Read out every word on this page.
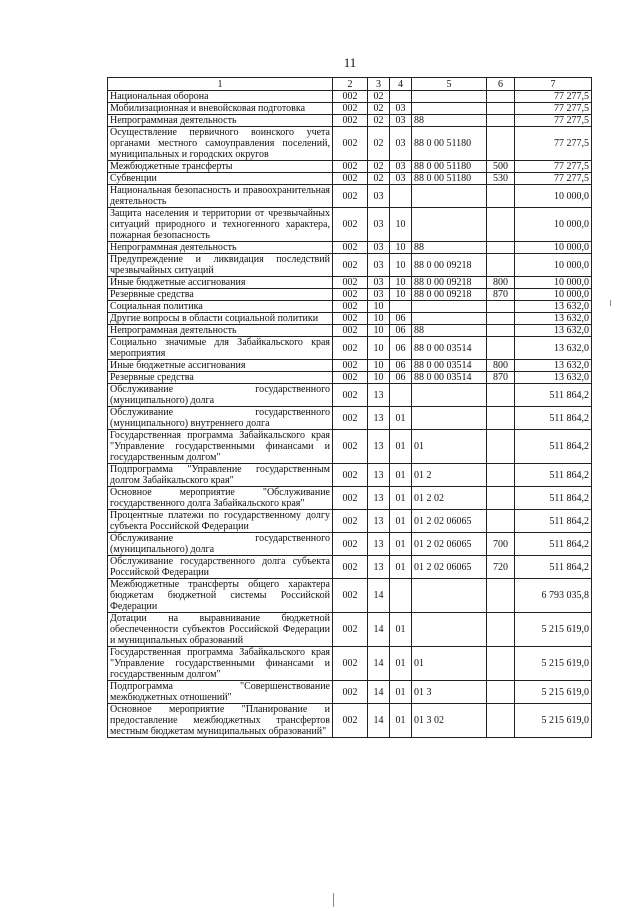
11
1	2	3	4	5	6	7
Национальная оборона	002	02				77 277,5
Мобилизационная и вневойсковая подготовка	002	02	03			77 277,5
Непрограммная деятельность	002	02	03	88		77 277,5
Осуществление первичного воинского учета органами местного самоуправления поселений, муниципальных и городских округов	002	02	03	88 0 00 51180		77 277,5
Межбюджетные трансферты	002	02	03	88 0 00 51180	500	77 277,5
Субвенции	002	02	03	88 0 00 51180	530	77 277,5
Национальная безопасность и правоохранительная деятельность	002	03				10 000,0
Защита населения и территории от чрезвычайных ситуаций природного и техногенного характера, пожарная безопасность	002	03	10			10 000,0
Непрограммная деятельность	002	03	10	88		10 000,0
Предупреждение и ликвидация последствий чрезвычайных ситуаций	002	03	10	88 0 00 09218		10 000,0
Иные бюджетные ассигнования	002	03	10	88 0 00 09218	800	10 000,0
Резервные средства	002	03	10	88 0 00 09218	870	10 000,0
Социальная политика	002	10				13 632,0
Другие вопросы в области социальной политики	002	10	06			13 632,0
Непрограммная деятельность	002	10	06	88		13 632,0
Социально значимые для Забайкальского края мероприятия	002	10	06	88 0 00 03514		13 632,0
Иные бюджетные ассигнования	002	10	06	88 0 00 03514	800	13 632,0
Резервные средства	002	10	06	88 0 00 03514	870	13 632,0
Обслуживание государственного (муниципального) долга	002	13				511 864,2
Обслуживание государственного (муниципального) внутреннего долга	002	13	01			511 864,2
Государственная программа Забайкальского края "Управление государственными финансами и государственным долгом"	002	13	01	01		511 864,2
Подпрограмма "Управление государственным долгом Забайкальского края"	002	13	01	01 2		511 864,2
Основное мероприятие "Обслуживание государственного долга Забайкальского края"	002	13	01	01 2 02		511 864,2
Процентные платежи по государственному долгу субъекта Российской Федерации	002	13	01	01 2 02 06065		511 864,2
Обслуживание государственного (муниципального) долга	002	13	01	01 2 02 06065	700	511 864,2
Обслуживание государственного долга субъекта Российской Федерации	002	13	01	01 2 02 06065	720	511 864,2
Межбюджетные трансферты общего характера бюджетам бюджетной системы Российской Федерации	002	14				6 793 035,8
Дотации на выравнивание бюджетной обеспеченности субъектов Российской Федерации и муниципальных образований	002	14	01			5 215 619,0
Государственная программа Забайкальского края "Управление государственными финансами и государственным долгом"	002	14	01	01		5 215 619,0
Подпрограмма "Совершенствование межбюджетных отношений"	002	14	01	01 3		5 215 619,0
Основное мероприятие "Планирование и предоставление межбюджетных трансфертов местным бюджетам муниципальных образований"	002	14	01	01 3 02		5 215 619,0
